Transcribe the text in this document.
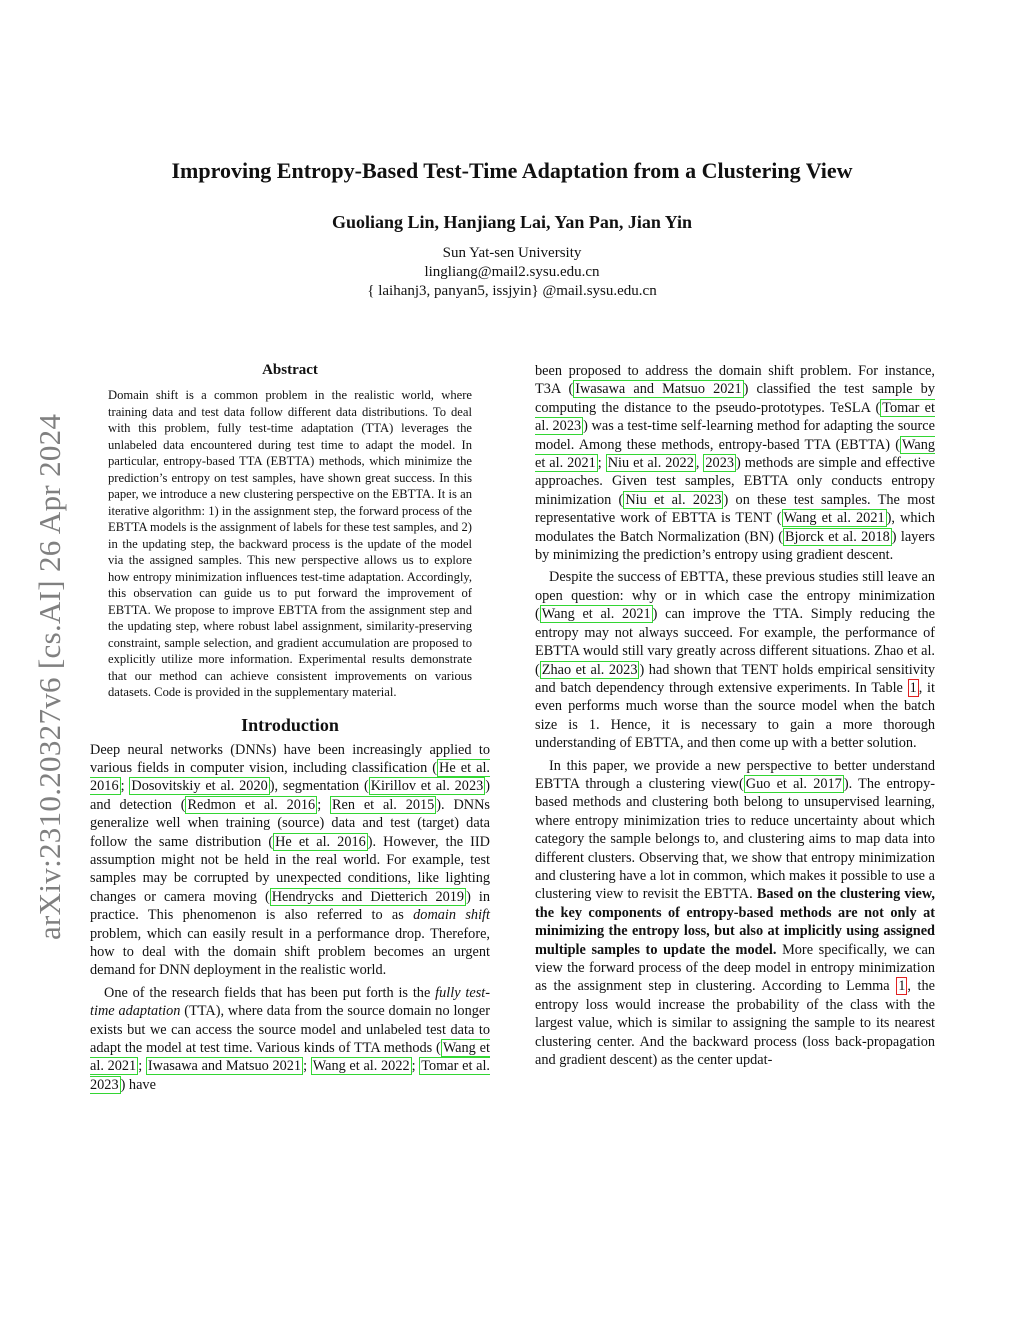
Improving Entropy-Based Test-Time Adaptation from a Clustering View
Guoliang Lin, Hanjiang Lai, Yan Pan, Jian Yin
Sun Yat-sen University
lingliang@mail2.sysu.edu.cn
{ laihanj3, panyan5, issjyin} @mail.sysu.edu.cn
arXiv:2310.20327v6 [cs.AI] 26 Apr 2024
Abstract

Domain shift is a common problem in the realistic world, where training data and test data follow different data distributions. To deal with this problem, fully test-time adaptation (TTA) leverages the unlabeled data encountered during test time to adapt the model. In particular, entropy-based TTA (EBTTA) methods, which minimize the prediction’s entropy on test samples, have shown great success. In this paper, we introduce a new clustering perspective on the EBTTA. It is an iterative algorithm: 1) in the assignment step, the forward process of the EBTTA models is the assignment of labels for these test samples, and 2) in the updating step, the backward process is the update of the model via the assigned samples. This new perspective allows us to explore how entropy minimization influences test-time adaptation. Accordingly, this observation can guide us to put forward the improvement of EBTTA. We propose to improve EBTTA from the assignment step and the updating step, where robust label assignment, similarity-preserving constraint, sample selection, and gradient accumulation are proposed to explicitly utilize more information. Experimental results demonstrate that our method can achieve consistent improvements on various datasets. Code is provided in the supplementary material.

Introduction

Deep neural networks (DNNs) have been increasingly applied to various fields in computer vision, including classification ( He et al. 2016 ; Dosovitskiy et al. 2020 ), segmentation ( Kirillov et al. 2023 ) and detection ( Redmon et al. 2016 ; Ren et al. 2015 ). DNNs generalize well when training (source) data and test (target) data follow the same distribution ( He et al. 2016 ). However, the IID assumption might not be held in the real world. For example, test samples may be corrupted by unexpected conditions, like lighting changes or camera moving ( Hendrycks and Dietterich 2019 ) in practice. This phenomenon is also referred to as domain shift problem, which can easily result in a performance drop. Therefore, how to deal with the domain shift problem becomes an urgent demand for DNN deployment in the realistic world.

One of the research fields that has been put forth is the fully test-time adaptation (TTA), where data from the source domain no longer exists but we can access the source model and unlabeled test data to adapt the model at test time. Various kinds of TTA methods ( Wang et al. 2021 ; Iwasawa and Matsuo 2021 ; Wang et al. 2022 ; Tomar et al. 2023 ) have

been proposed to address the domain shift problem. For instance, T3A ( Iwasawa and Matsuo 2021 ) classified the test sample by computing the distance to the pseudo-prototypes. TeSLA ( Tomar et al. 2023 ) was a test-time self-learning method for adapting the source model. Among these methods, entropy-based TTA (EBTTA) ( Wang et al. 2021 ; Niu et al. 2022 , 2023 ) methods are simple and effective approaches. Given test samples, EBTTA only conducts entropy minimization ( Niu et al. 2023 ) on these test samples. The most representative work of EBTTA is TENT ( Wang et al. 2021 ), which modulates the Batch Normalization (BN) ( Bjorck et al. 2018 ) layers by minimizing the prediction’s entropy using gradient descent.

Despite the success of EBTTA, these previous studies still leave an open question: why or in which case the entropy minimization ( Wang et al. 2021 ) can improve the TTA. Simply reducing the entropy may not always succeed. For example, the performance of EBTTA would still vary greatly across different situations. Zhao et al. ( Zhao et al. 2023 ) had shown that TENT holds empirical sensitivity and batch dependency through extensive experiments. In Table 1 , it even performs much worse than the source model when the batch size is 1. Hence, it is necessary to gain a more thorough understanding of EBTTA, and then come up with a better solution.

In this paper, we provide a new perspective to better understand EBTTA through a clustering view( Guo et al. 2017 ). The entropy-based methods and clustering both belong to unsupervised learning, where entropy minimization tries to reduce uncertainty about which category the sample belongs to, and clustering aims to map data into different clusters. Observing that, we show that entropy minimization and clustering have a lot in common, which makes it possible to use a clustering view to revisit the EBTTA. Based on the clustering view, the key components of entropy-based methods are not only at minimizing the entropy loss, but also at implicitly using assigned multiple samples to update the model. More specifically, we can view the forward process of the deep model in entropy minimization as the assignment step in clustering. According to Lemma 1 , the entropy loss would increase the probability of the class with the largest value, which is similar to assigning the sample to its nearest clustering center. And the backward process (loss back-propagation and gradient descent) as the center updat-
